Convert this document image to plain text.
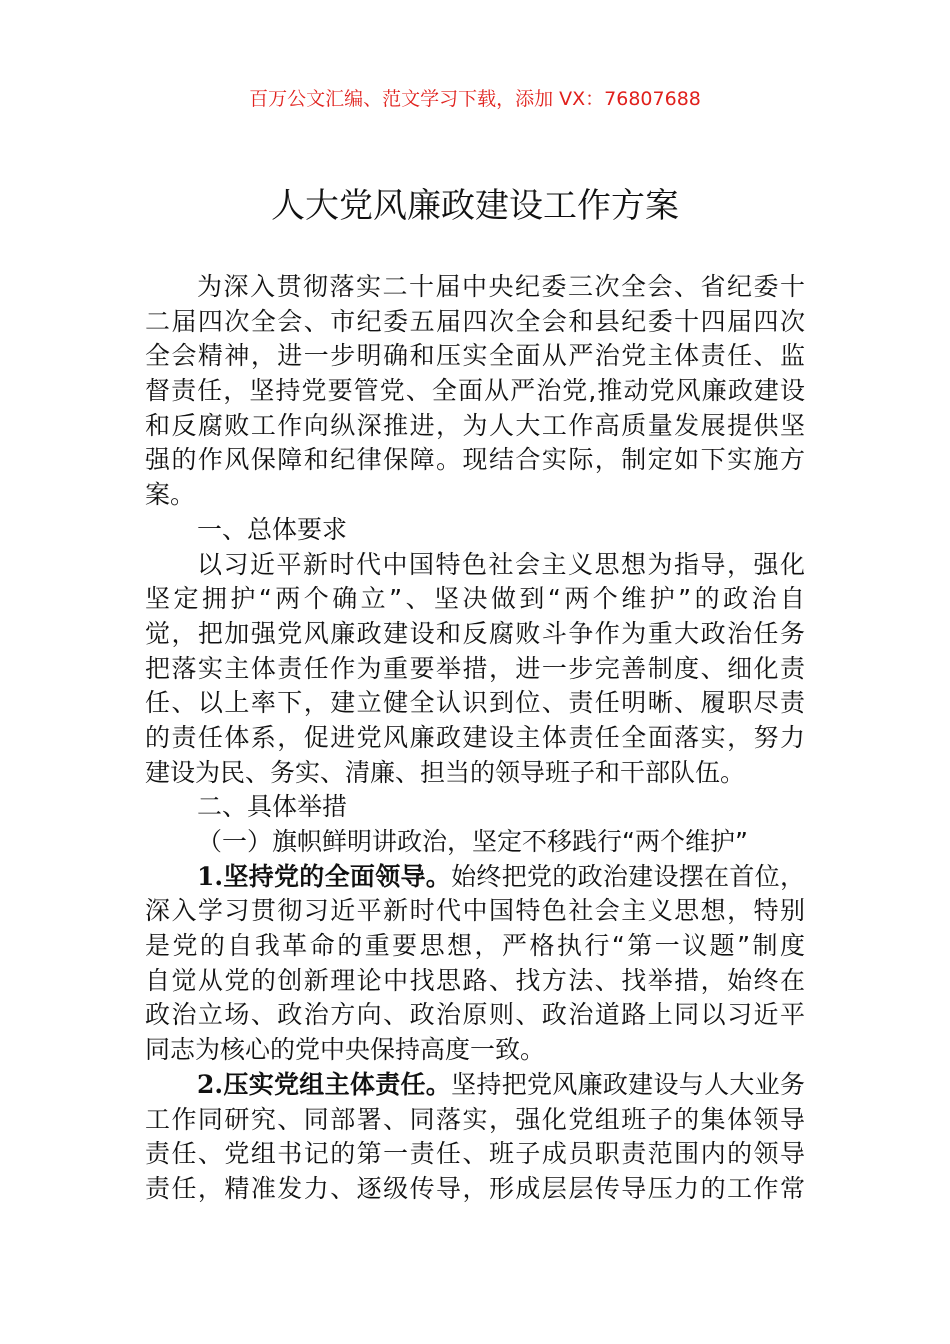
百万公文汇编、范文学习下载，添加 VX：76807688
人大党风廉政建设工作方案
为深入贯彻落实二十届中央纪委三次全会、省纪委十
二届四次全会、市纪委五届四次全会和县纪委十四届四次
全会精神，进一步明确和压实全面从严治党主体责任、监
督责任，坚持党要管党、全面从严治党,推动党风廉政建设
和反腐败工作向纵深推进，为人大工作高质量发展提供坚
强的作风保障和纪律保障。现结合实际，制定如下实施方
案。
一、总体要求
以习近平新时代中国特色社会主义思想为指导，强化
坚定拥护“两个确立”、坚决做到“两个维护”的政治自
觉，把加强党风廉政建设和反腐败斗争作为重大政治任务
把落实主体责任作为重要举措，进一步完善制度、细化责
任、以上率下，建立健全认识到位、责任明晰、履职尽责
的责任体系，促进党风廉政建设主体责任全面落实，努力
建设为民、务实、清廉、担当的领导班子和干部队伍。
二、具体举措
（一）旗帜鲜明讲政治，坚定不移践行“两个维护”
1.坚持党的全面领导。始终把党的政治建设摆在首位，
深入学习贯彻习近平新时代中国特色社会主义思想，特别
是党的自我革命的重要思想，严格执行“第一议题”制度
自觉从党的创新理论中找思路、找方法、找举措，始终在
政治立场、政治方向、政治原则、政治道路上同以习近平
同志为核心的党中央保持高度一致。
2.压实党组主体责任。坚持把党风廉政建设与人大业务
工作同研究、同部署、同落实，强化党组班子的集体领导
责任、党组书记的第一责任、班子成员职责范围内的领导
责任，精准发力、逐级传导，形成层层传导压力的工作常
